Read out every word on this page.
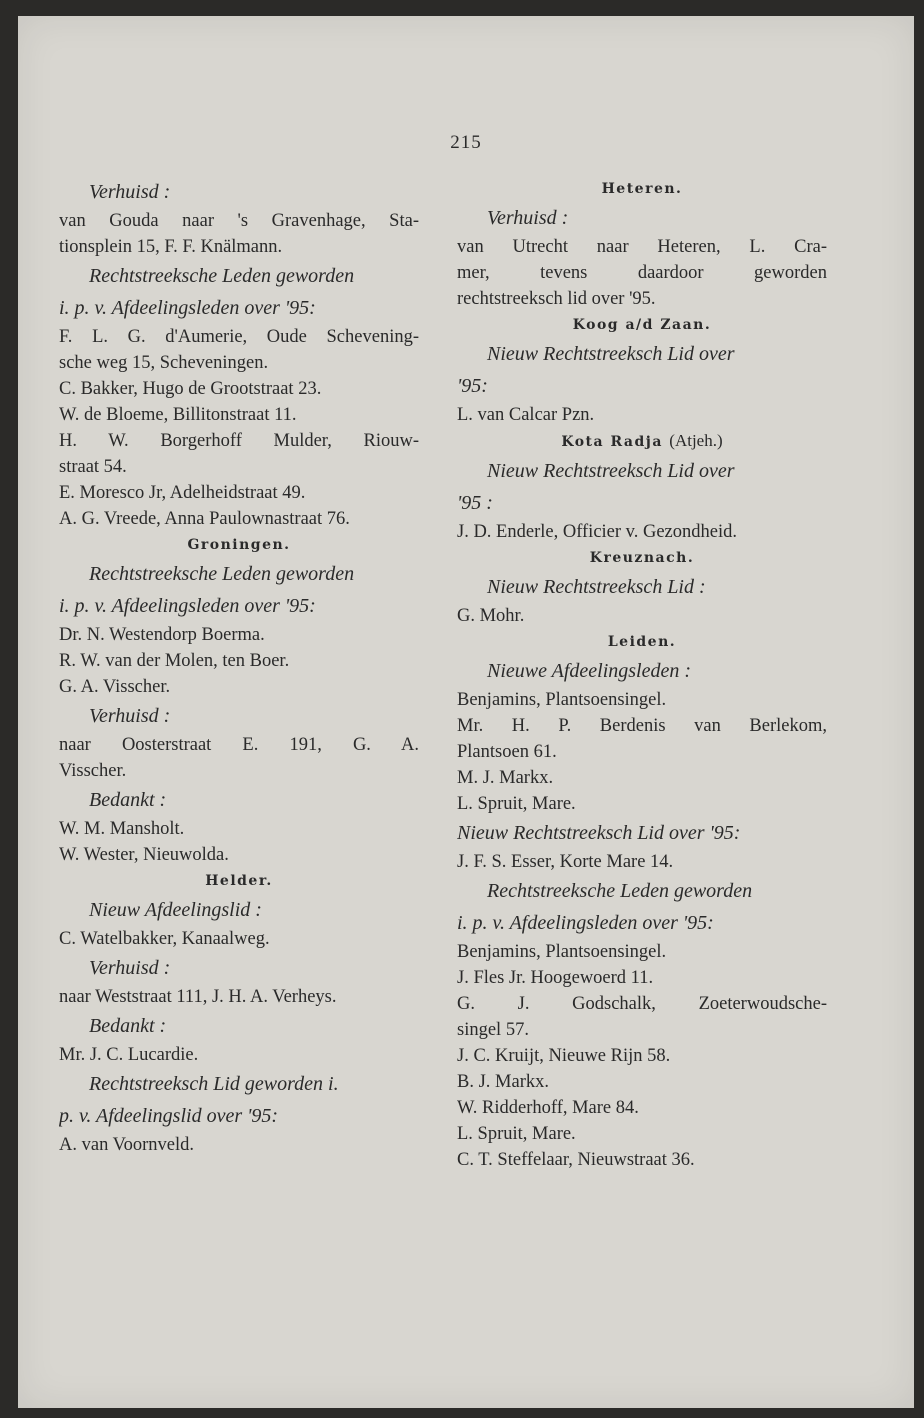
215
Verhuisd :
van Gouda naar 's Gravenhage, Sta-
tionsplein 15, F. F. Knälmann.
Rechtstreeksche Leden geworden
i. p. v. Afdeelingsleden over '95:
F. L. G. d'Aumerie, Oude Schevening-
sche weg 15, Scheveningen.
C. Bakker, Hugo de Grootstraat 23.
W. de Bloeme, Billitonstraat 11.
H. W. Borgerhoff Mulder, Riouw-
straat 54.
E. Moresco Jr, Adelheidstraat 49.
A. G. Vreede, Anna Paulownastraat 76.
Groningen.
Rechtstreeksche Leden geworden
i. p. v. Afdeelingsleden over '95:
Dr. N. Westendorp Boerma.
R. W. van der Molen, ten Boer.
G. A. Visscher.
Verhuisd :
naar Oosterstraat E. 191, G. A.
Visscher.
Bedankt :
W. M. Mansholt.
W. Wester, Nieuwolda.
Helder.
Nieuw Afdeelingslid :
C. Watelbakker, Kanaalweg.
Verhuisd :
naar Weststraat 111, J. H. A. Verheys.
Bedankt :
Mr. J. C. Lucardie.
Rechtstreeksch Lid geworden i.
p. v. Afdeelingslid over '95:
A. van Voornveld.
Heteren.
Verhuisd :
van Utrecht naar Heteren, L. Cra-
mer, tevens daardoor geworden
rechtstreeksch lid over '95.
Koog a/d Zaan.
Nieuw Rechtstreeksch Lid over
'95:
L. van Calcar Pzn.
Kota Radja (Atjeh.)
Nieuw Rechtstreeksch Lid over
'95 :
J. D. Enderle, Officier v. Gezondheid.
Kreuznach.
Nieuw Rechtstreeksch Lid :
G. Mohr.
Leiden.
Nieuwe Afdeelingsleden :
Benjamins, Plantsoensingel.
Mr. H. P. Berdenis van Berlekom,
Plantsoen 61.
M. J. Markx.
L. Spruit, Mare.
Nieuw Rechtstreeksch Lid over '95:
J. F. S. Esser, Korte Mare 14.
Rechtstreeksche Leden geworden
i. p. v. Afdeelingsleden over '95:
Benjamins, Plantsoensingel.
J. Fles Jr. Hoogewoerd 11.
G. J. Godschalk, Zoeterwoudsche-
singel 57.
J. C. Kruijt, Nieuwe Rijn 58.
B. J. Markx.
W. Ridderhoff, Mare 84.
L. Spruit, Mare.
C. T. Steffelaar, Nieuwstraat 36.
